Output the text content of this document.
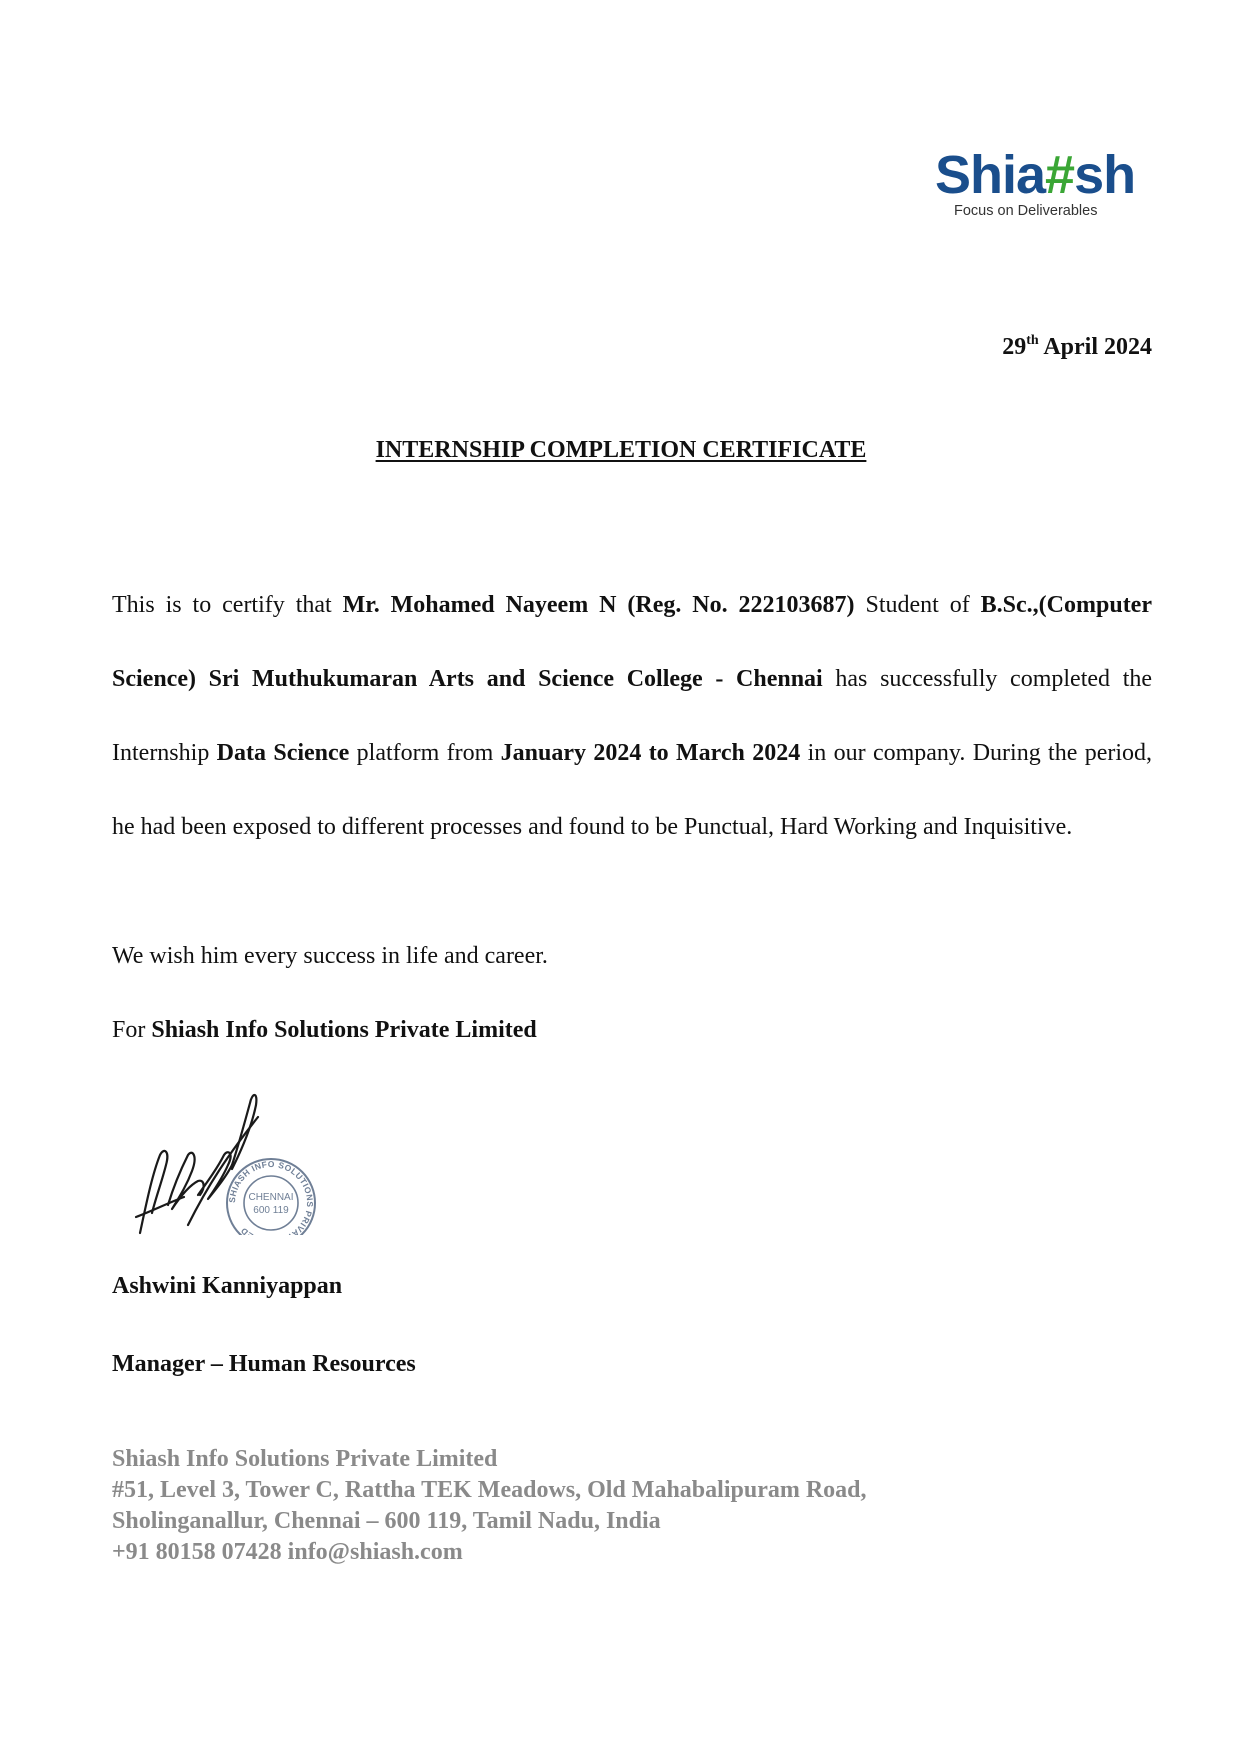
Shia#sh
Focus on Deliverables
29th April 2024
INTERNSHIP COMPLETION CERTIFICATE
This is to certify that Mr. Mohamed Nayeem N (Reg. No. 222103687) Student of B.Sc.,(Computer Science) Sri Muthukumaran Arts and Science College - Chennai has successfully completed the Internship Data Science platform from January 2024 to March 2024 in our company. During the period, he had been exposed to different processes and found to be Punctual, Hard Working and Inquisitive.
We wish him every success in life and career.
For Shiash Info Solutions Private Limited
SHIASH INFO SOLUTIONS PRIVA D
CHENNAI
600 119
Ashwini Kanniyappan
Manager – Human Resources
Shiash Info Solutions Private Limited
#51, Level 3, Tower C, Rattha TEK Meadows, Old Mahabalipuram Road,
Sholinganallur, Chennai – 600 119, Tamil Nadu, India
+91 80158 07428 info@shiash.com
